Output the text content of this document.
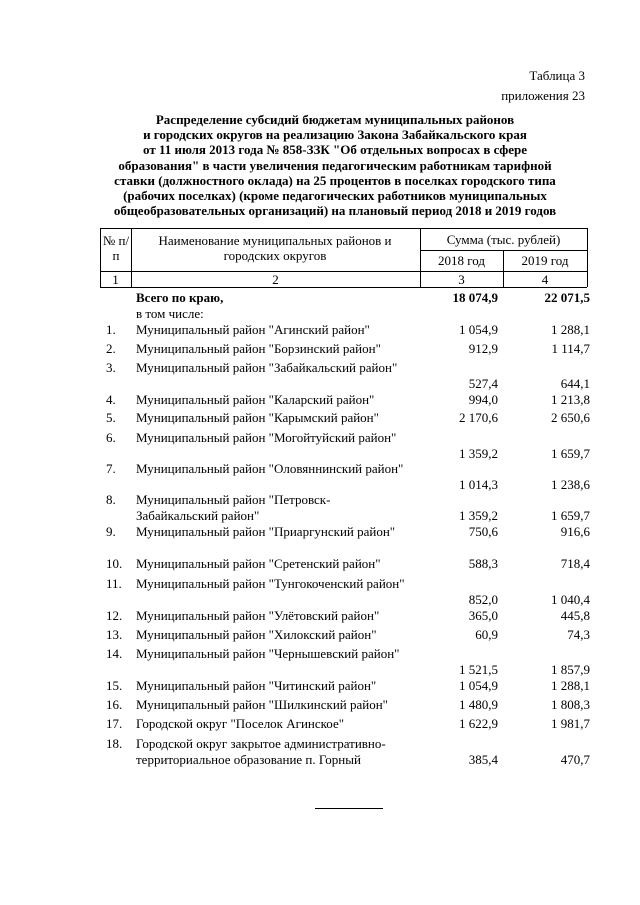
Таблица 3
приложения 23
Распределение субсидий бюджетам муниципальных районов
и городских округов на реализацию Закона Забайкальского края
от 11 июля 2013 года № 858-ЗЗК "Об отдельных вопросах в сфере
образования" в части увеличения педагогическим работникам тарифной
ставки (должностного оклада) на 25 процентов в поселках городского типа
(рабочих поселках) (кроме педагогических работников муниципальных
общеобразовательных организаций) на плановый период 2018 и 2019 годов
№ п/п
Наименование муниципальных районов и городских округов
Сумма (тыс. рублей)
2018 год	2019 год
1	2	3	4
Всего по краю,	18 074,9	22 071,5
в том числе:
1.	Муниципальный район "Агинский район"	1 054,9	1 288,1
2.	Муниципальный район "Борзинский район"	912,9	1 114,7
3.	Муниципальный район "Забайкальский район"
527,4	644,1
4.	Муниципальный район "Каларский район"	994,0	1 213,8
5.	Муниципальный район "Карымский район"	2 170,6	2 650,6
6.	Муниципальный район "Могойтуйский район"
1 359,2	1 659,7
7.	Муниципальный район "Оловяннинский район"
1 014,3	1 238,6
8.	Муниципальный район "Петровск-Забайкальский район"	1 359,2	1 659,7
9.	Муниципальный район "Приаргунский район"	750,6	916,6
10.	Муниципальный район "Сретенский район"	588,3	718,4
11.	Муниципальный район "Тунгокоченский район"
852,0	1 040,4
12.	Муниципальный район "Улётовский район"	365,0	445,8
13.	Муниципальный район "Хилокский район"	60,9	74,3
14.	Муниципальный район "Чернышевский район"
1 521,5	1 857,9
15.	Муниципальный район "Читинский район"	1 054,9	1 288,1
16.	Муниципальный район "Шилкинский район"	1 480,9	1 808,3
17.	Городской округ "Поселок Агинское"	1 622,9	1 981,7
18.	Городской округ закрытое административно-территориальное образование п. Горный	385,4	470,7
